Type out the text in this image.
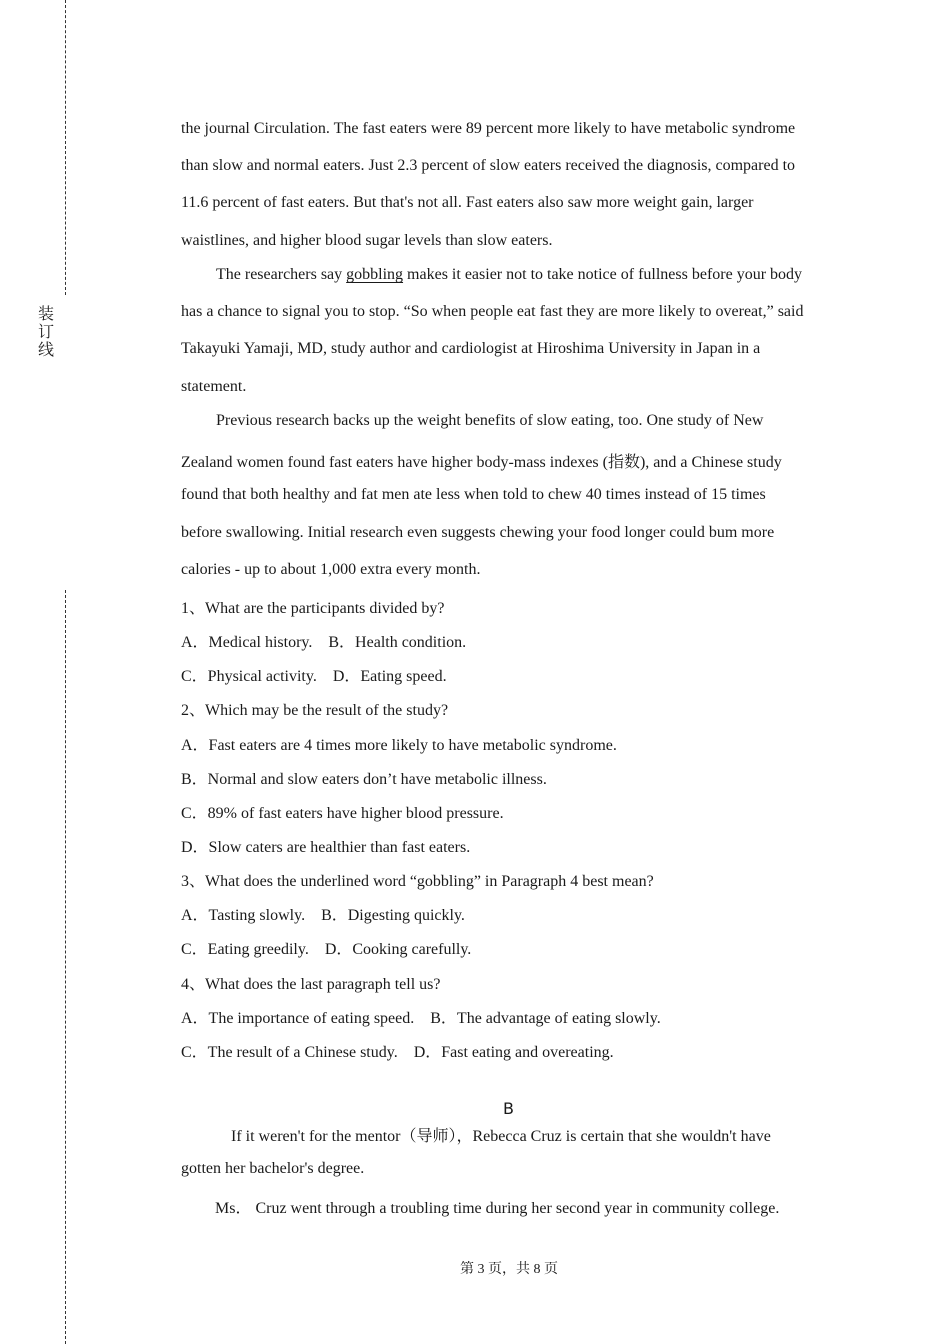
装
订
线
the journal Circulation. The fast eaters were 89 percent more likely to have metabolic syndrome
than slow and normal eaters. Just 2.3 percent of slow eaters received the diagnosis, compared to
11.6 percent of fast eaters. But that's not all. Fast eaters also saw more weight gain, larger
waistlines, and higher blood sugar levels than slow eaters.
The researchers say gobbling makes it easier not to take notice of fullness before your body
has a chance to signal you to stop. “So when people eat fast they are more likely to overeat,” said
Takayuki Yamaji, MD, study author and cardiologist at Hiroshima University in Japan in a
statement.
Previous research backs up the weight benefits of slow eating, too. One study of New
Zealand women found fast eaters have higher body-mass indexes (指数), and a Chinese study
found that both healthy and fat men ate less when told to chew 40 times instead of 15 times
before swallowing. Initial research even suggests chewing your food longer could bum more
calories - up to about 1,000 extra every month.
1、What are the participants divided by?
A．Medical history.　B．Health condition.
C．Physical activity.　D．Eating speed.
2、Which may be the result of the study?
A．Fast eaters are 4 times more likely to have metabolic syndrome.
B．Normal and slow eaters don’t have metabolic illness.
C．89% of fast eaters have higher blood pressure.
D．Slow caters are healthier than fast eaters.
3、What does the underlined word “gobbling” in Paragraph 4 best mean?
A．Tasting slowly.　B．Digesting quickly.
C．Eating greedily.　D．Cooking carefully.
4、What does the last paragraph tell us?
A．The importance of eating speed.　B．The advantage of eating slowly.
C．The result of a Chinese study.　D．Fast eating and overeating.
B
If it weren't for the mentor（导师），Rebecca Cruz is certain that she wouldn't have
gotten her bachelor's degree.
Ms． Cruz went through a troubling time during her second year in community college.
第 3 页，共 8 页
